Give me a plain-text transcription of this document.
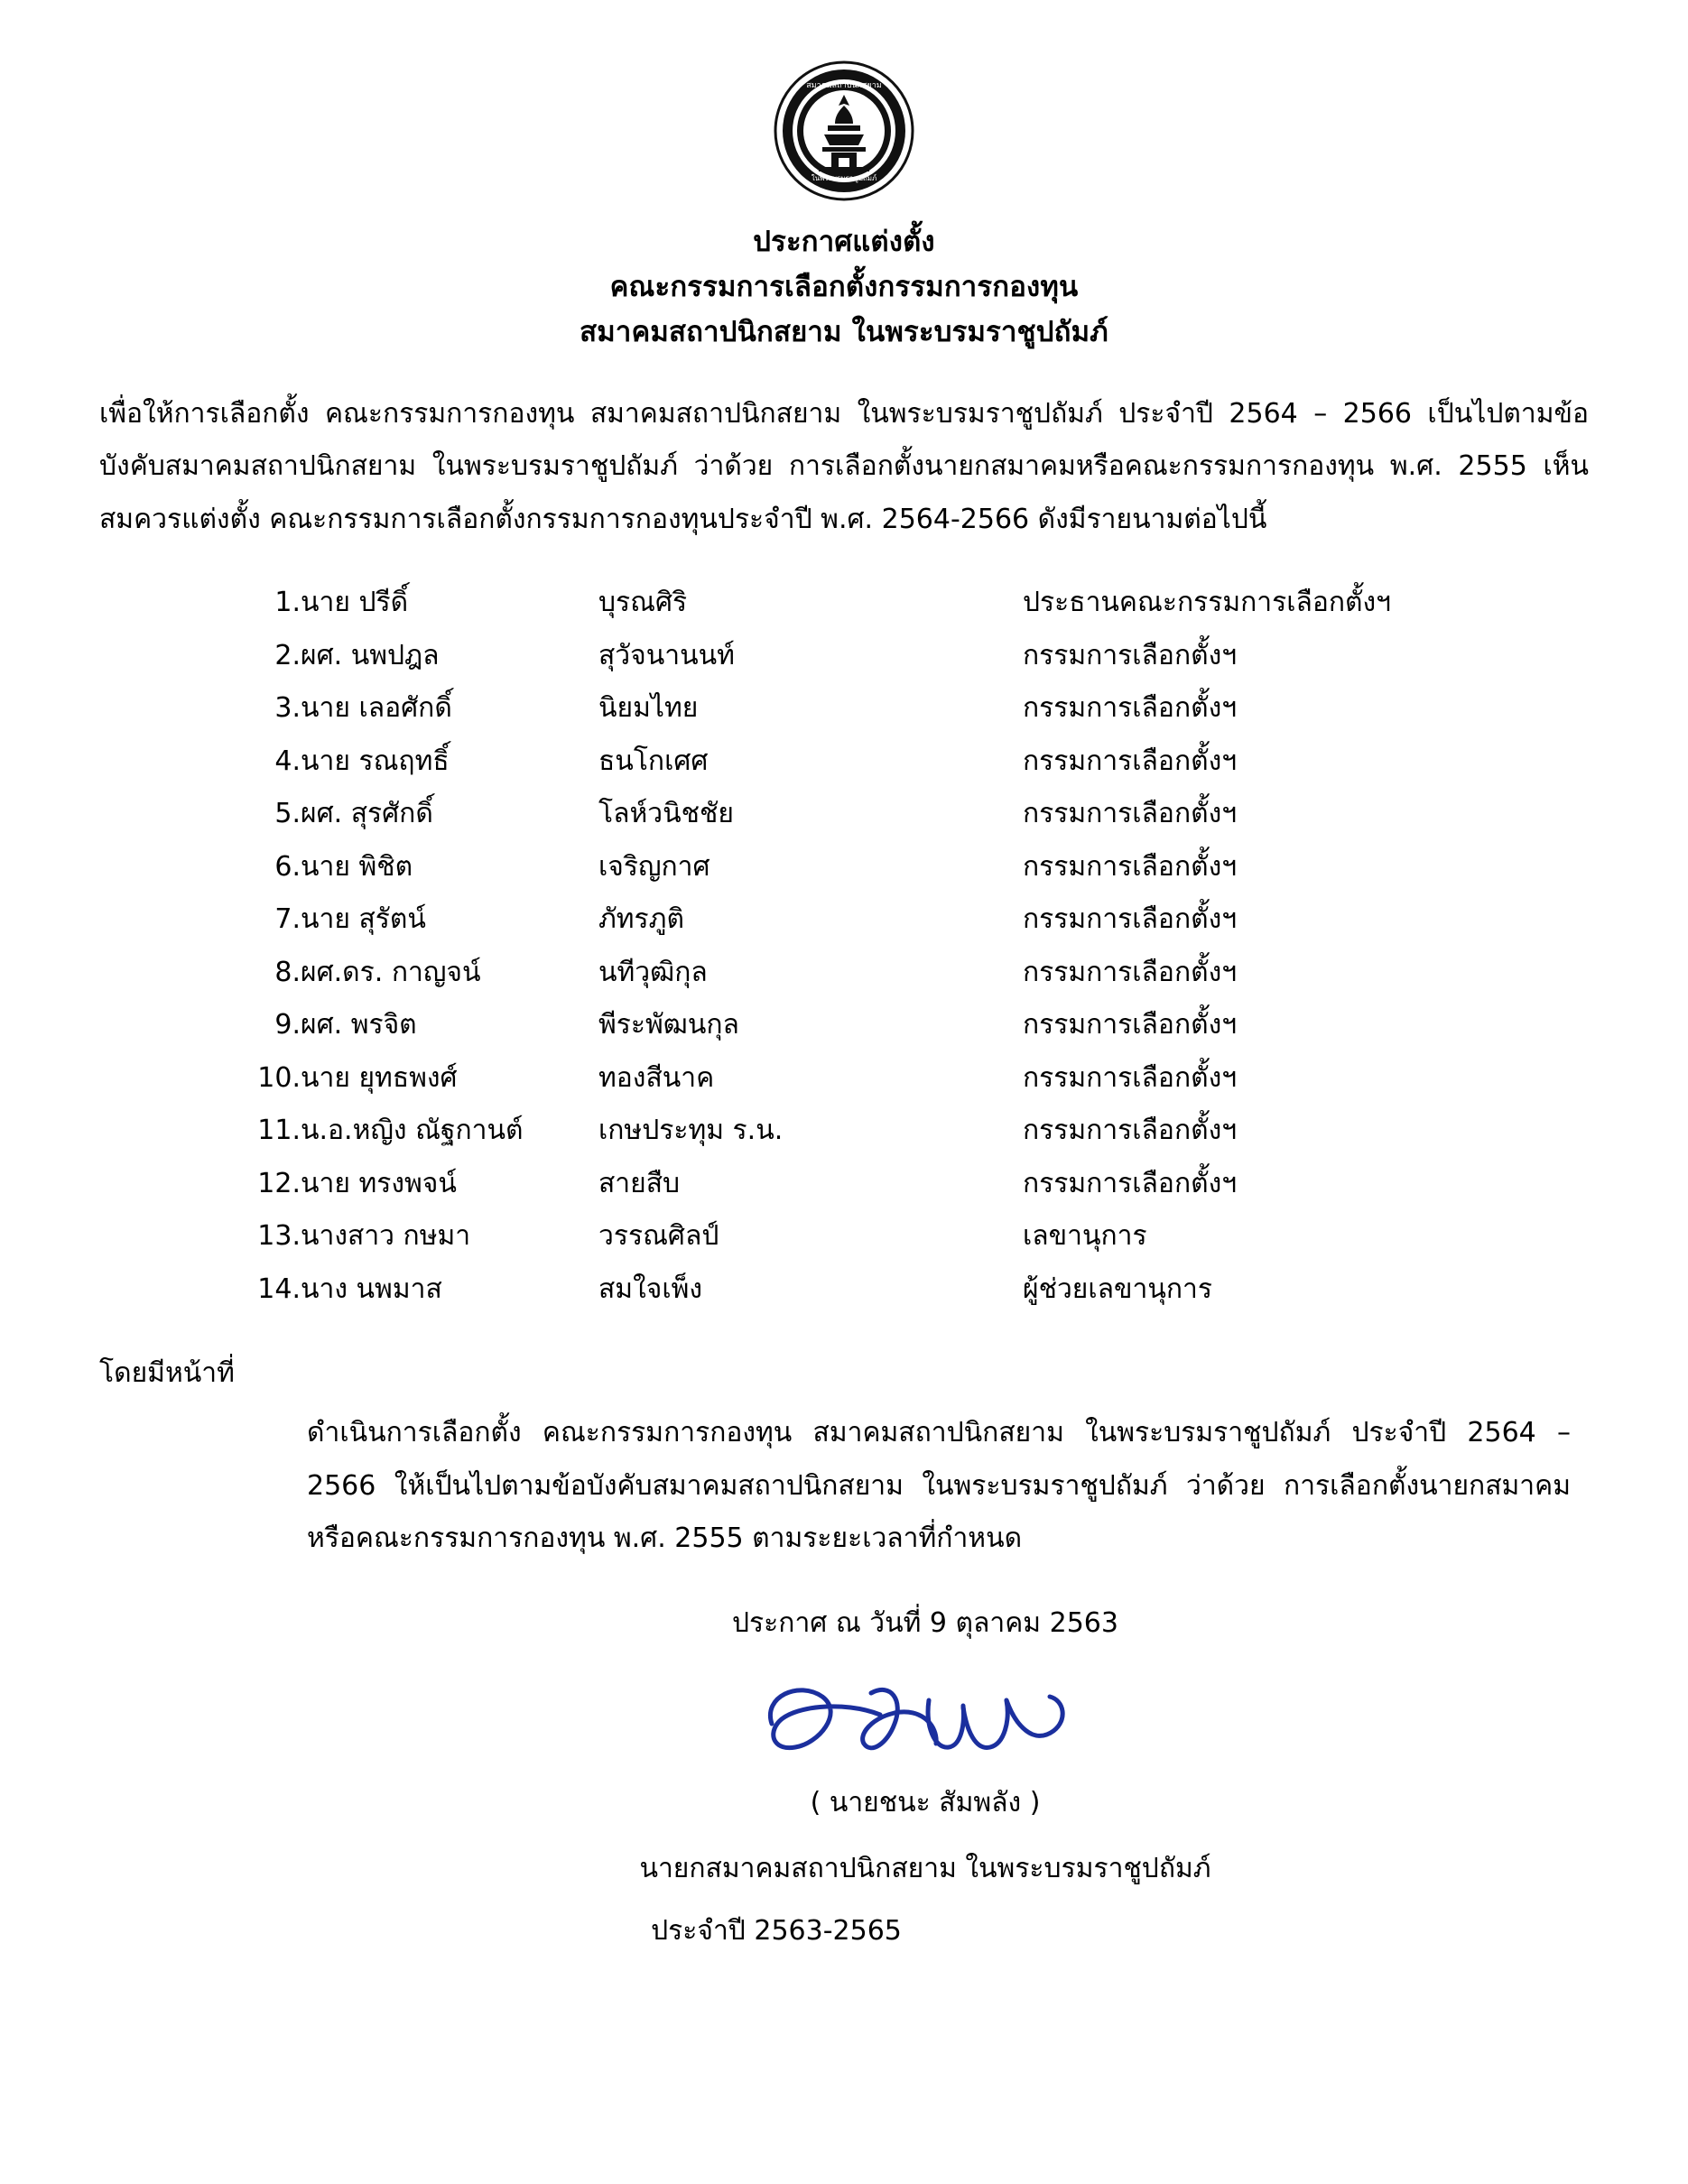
สมาคมสถาปนิกสยาม
ในพระบรมราชูปถัมภ์
ประกาศแต่งตั้ง
คณะกรรมการเลือกตั้งกรรมการกองทุน
สมาคมสถาปนิกสยาม ในพระบรมราชูปถัมภ์
เพื่อให้การเลือกตั้ง คณะกรรมการกองทุน สมาคมสถาปนิกสยาม ในพระบรมราชูปถัมภ์ ประจำปี 2564 – 2566 เป็นไปตามข้อบังคับสมาคมสถาปนิกสยาม ในพระบรมราชูปถัมภ์ ว่าด้วย การเลือกตั้งนายกสมาคมหรือคณะกรรมการกองทุน พ.ศ. 2555 เห็นสมควรแต่งตั้ง คณะกรรมการเลือกตั้งกรรมการกองทุนประจำปี พ.ศ. 2564-2566 ดังมีรายนามต่อไปนี้
1.	นาย ปรีดิ์	บุรณศิริ	ประธานคณะกรรมการเลือกตั้งฯ
2.	ผศ. นพปฎล	สุวัจนานนท์	กรรมการเลือกตั้งฯ
3.	นาย เลอศักดิ์	นิยมไทย	กรรมการเลือกตั้งฯ
4.	นาย รณฤทธิ์	ธนโกเศศ	กรรมการเลือกตั้งฯ
5.	ผศ. สุรศักดิ์	โลห์วนิชชัย	กรรมการเลือกตั้งฯ
6.	นาย พิชิต	เจริญกาศ	กรรมการเลือกตั้งฯ
7.	นาย สุรัตน์	ภัทรภูติ	กรรมการเลือกตั้งฯ
8.	ผศ.ดร. กาญจน์	นทีวุฒิกุล	กรรมการเลือกตั้งฯ
9.	ผศ. พรจิต	พีระพัฒนกุล	กรรมการเลือกตั้งฯ
10.	นาย ยุทธพงศ์	ทองสีนาค	กรรมการเลือกตั้งฯ
11.	น.อ.หญิง ณัฐกานต์	เกษประทุม ร.น.	กรรมการเลือกตั้งฯ
12.	นาย ทรงพจน์	สายสืบ	กรรมการเลือกตั้งฯ
13.	นางสาว กษมา	วรรณศิลป์	เลขานุการ
14.	นาง นพมาส	สมใจเพ็ง	ผู้ช่วยเลขานุการ
โดยมีหน้าที่
ดำเนินการเลือกตั้ง คณะกรรมการกองทุน สมาคมสถาปนิกสยาม ในพระบรมราชูปถัมภ์ ประจำปี 2564 – 2566 ให้เป็นไปตามข้อบังคับสมาคมสถาปนิกสยาม ในพระบรมราชูปถัมภ์ ว่าด้วย การเลือกตั้งนายกสมาคมหรือคณะกรรมการกองทุน พ.ศ. 2555 ตามระยะเวลาที่กำหนด
ประกาศ ณ วันที่ 9 ตุลาคม 2563
( นายชนะ สัมพลัง )
นายกสมาคมสถาปนิกสยาม ในพระบรมราชูปถัมภ์
ประจำปี 2563-2565
